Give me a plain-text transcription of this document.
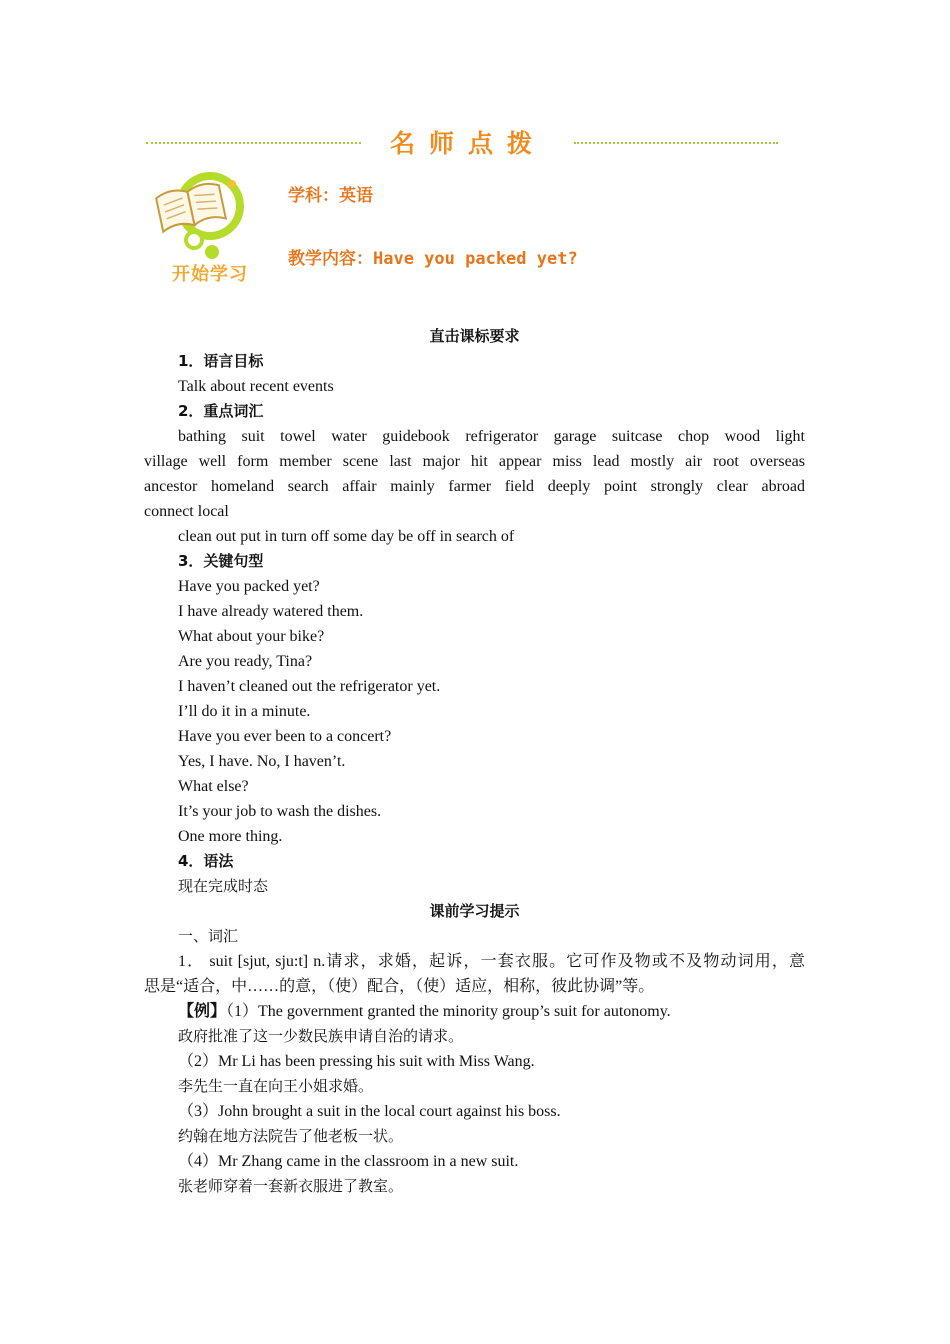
名师点拨
开始学习
学科：英语
教学内容：Have you packed yet?
直击课标要求
1．语言目标
Talk about recent events
2．重点词汇
bathing suit towel water guidebook refrigerator garage suitcase chop wood light
village well form member scene last major hit appear miss lead mostly air root overseas
ancestor homeland search affair mainly farmer field deeply point strongly clear abroad
connect local
clean out put in turn off some day be off in search of
3．关键句型
Have you packed yet?
I have already watered them.
What about your bike?
Are you ready, Tina?
I haven’t cleaned out the refrigerator yet.
I’ll do it in a minute.
Have you ever been to a concert?
Yes, I have. No, I haven’t.
What else?
It’s your job to wash the dishes.
One more thing.
4．语法
现在完成时态
课前学习提示
一、词汇
1． suit [sjut, sju:t] n.请求，求婚，起诉，一套衣服。它可作及物或不及物动词用，意
思是“适合，中……的意，（使）配合，（使）适应，相称，彼此协调”等。
【例】（1）The government granted the minority group’s suit for autonomy.
政府批准了这一少数民族申请自治的请求。
（2）Mr Li has been pressing his suit with Miss Wang.
李先生一直在向王小姐求婚。
（3）John brought a suit in the local court against his boss.
约翰在地方法院告了他老板一状。
（4）Mr Zhang came in the classroom in a new suit.
张老师穿着一套新衣服进了教室。
